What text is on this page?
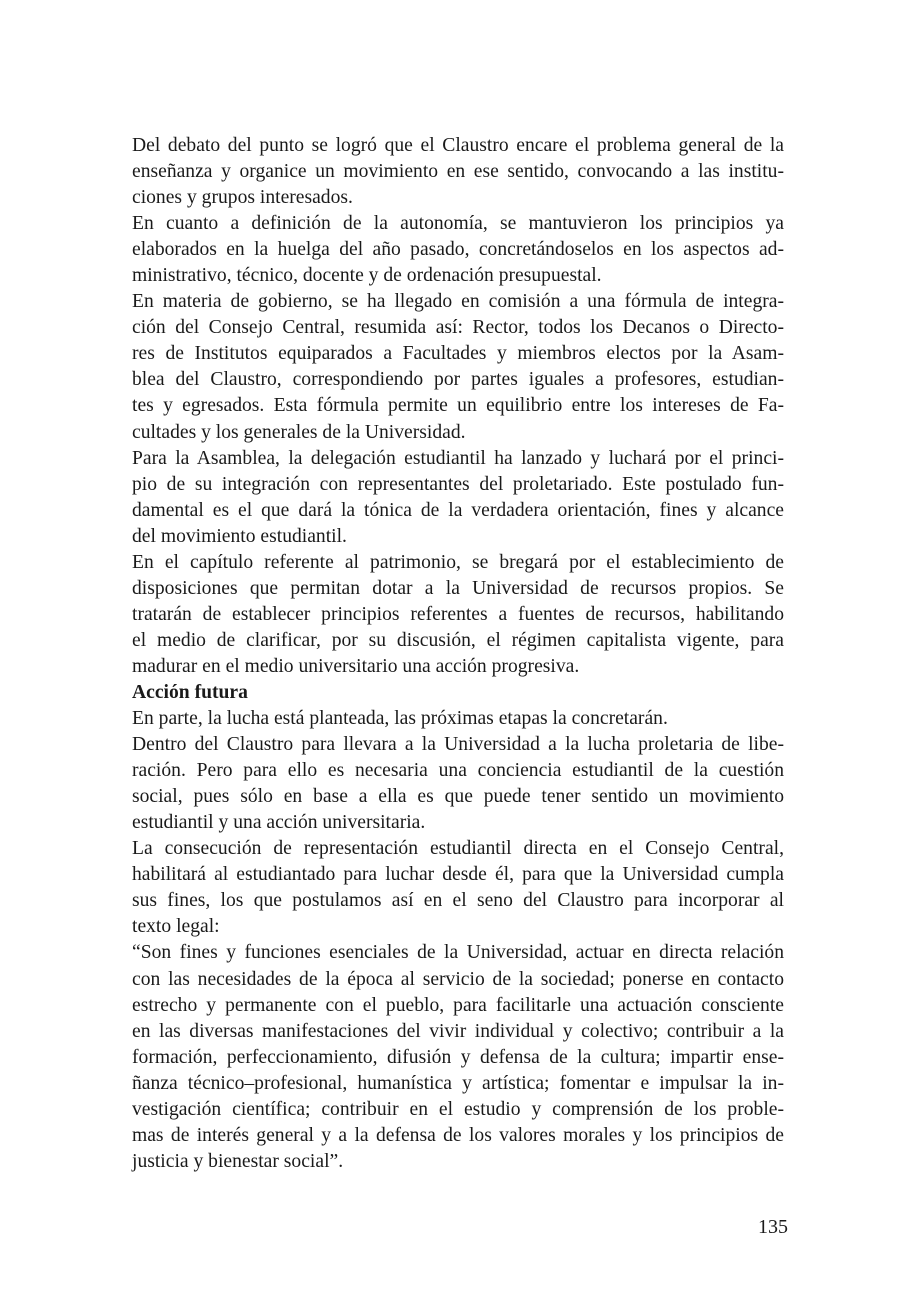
Del debato del punto se logró que el Claustro encare el problema general de la
enseñanza y organice un movimiento en ese sentido, convocando a las institu-
ciones y grupos interesados.
En cuanto a definición de la autonomía, se mantuvieron los principios ya
elaborados en la huelga del año pasado, concretándoselos en los aspectos ad-
ministrativo, técnico, docente y de ordenación presupuestal.
En materia de gobierno, se ha llegado en comisión a una fórmula de integra-
ción del Consejo Central, resumida así: Rector, todos los Decanos o Directo-
res de Institutos equiparados a Facultades y miembros electos por la Asam-
blea del Claustro, correspondiendo por partes iguales a profesores, estudian-
tes y egresados. Esta fórmula permite un equilibrio entre los intereses de Fa-
cultades y los generales de la Universidad.
Para la Asamblea, la delegación estudiantil ha lanzado y luchará por el princi-
pio de su integración con representantes del proletariado. Este postulado fun-
damental es el que dará la tónica de la verdadera orientación, fines y alcance
del movimiento estudiantil.
En el capítulo referente al patrimonio, se bregará por el establecimiento de
disposiciones que permitan dotar a la Universidad de recursos propios. Se
tratarán de establecer principios referentes a fuentes de recursos, habilitando
el medio de clarificar, por su discusión, el régimen capitalista vigente, para
madurar en el medio universitario una acción progresiva.
Acción futura
En parte, la lucha está planteada, las próximas etapas la concretarán.
Dentro del Claustro para llevara a la Universidad a la lucha proletaria de libe-
ración. Pero para ello es necesaria una conciencia estudiantil de la cuestión
social, pues sólo en base a ella es que puede tener sentido un movimiento
estudiantil y una acción universitaria.
La consecución de representación estudiantil directa en el Consejo Central,
habilitará al estudiantado para luchar desde él, para que la Universidad cumpla
sus fines, los que postulamos así en el seno del Claustro para incorporar al
texto legal:
“Son fines y funciones esenciales de la Universidad, actuar en directa relación
con las necesidades de la época al servicio de la sociedad; ponerse en contacto
estrecho y permanente con el pueblo, para facilitarle una actuación consciente
en las diversas manifestaciones del vivir individual y colectivo; contribuir a la
formación, perfeccionamiento, difusión y defensa de la cultura; impartir ense-
ñanza técnico–profesional, humanística y artística; fomentar e impulsar la in-
vestigación científica; contribuir en el estudio y comprensión de los proble-
mas de interés general y a la defensa de los valores morales y los principios de
justicia y bienestar social”.
135
